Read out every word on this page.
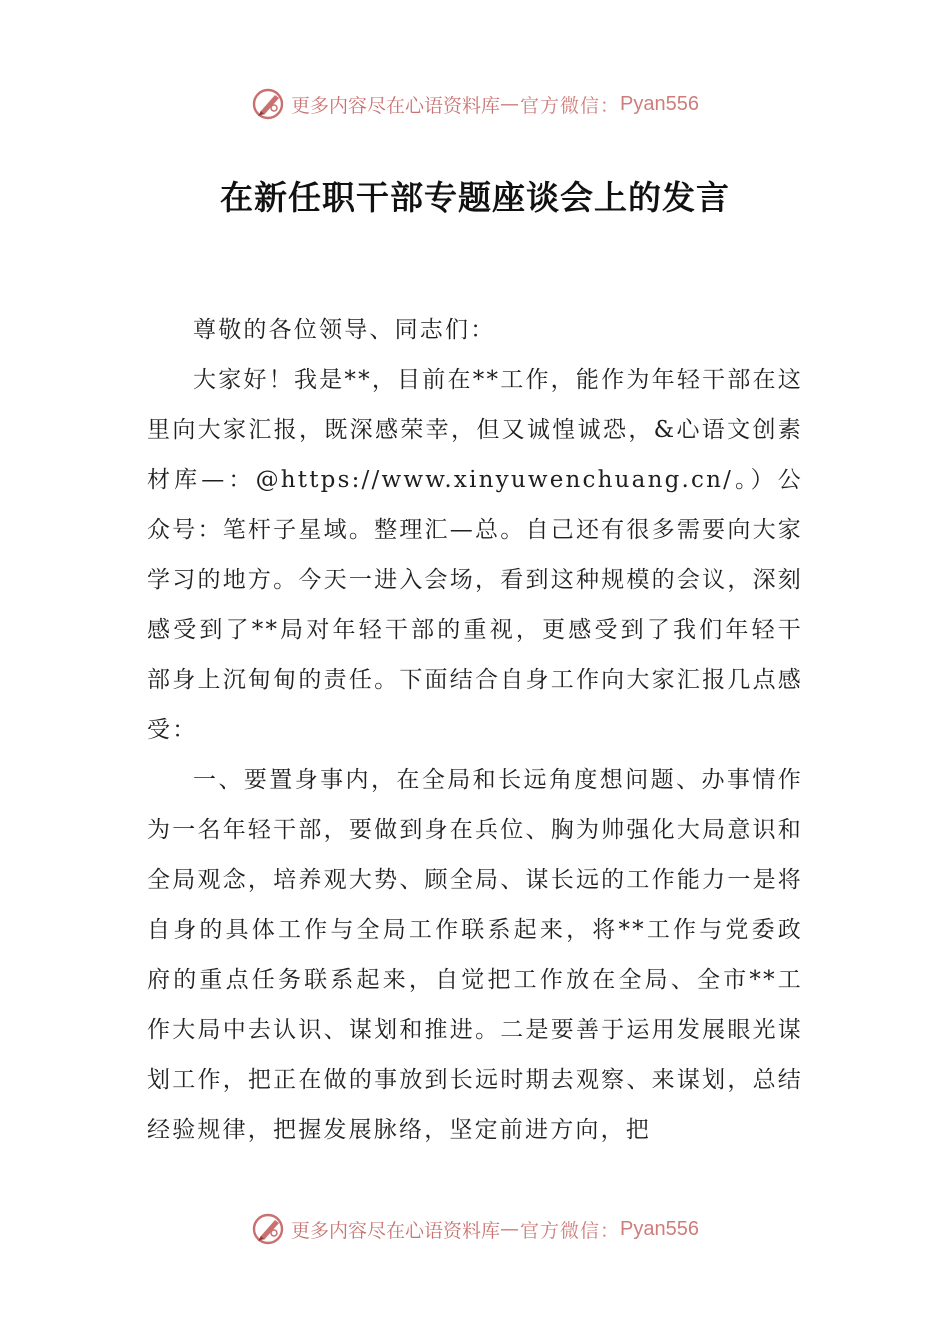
更多内容尽在心语资料库 — 官方微信： Pyan556
在新任职干部专题座谈会上的发言

尊敬的各位领导、同志们：

大家好！我是**，目前在**工作，能作为年轻干部在这里向大家汇报，既深感荣幸，但又诚惶诚恐，&心语文创素材库—：@https://www.xinyuwenchuang.cn/。）公众号：笔杆子星域。整理汇—总。自己还有很多需要向大家学习的地方。今天一进入会场，看到这种规模的会议，深刻感受到了**局对年轻干部的重视，更感受到了我们年轻干部身上沉甸甸的责任。下面结合自身工作向大家汇报几点感受：

一、要置身事内，在全局和长远角度想问题、办事情作为一名年轻干部，要做到身在兵位、胸为帅强化大局意识和全局观念，培养观大势、顾全局、谋长远的工作能力一是将自身的具体工作与全局工作联系起来，将**工作与党委政府的重点任务联系起来，自觉把工作放在全局、全市**工作大局中去认识、谋划和推进。二是要善于运用发展眼光谋划工作，把正在做的事放到长远时期去观察、来谋划，总结经验规律，把握发展脉络，坚定前进方向，把

更多内容尽在心语资料库 — 官方微信： Pyan556
